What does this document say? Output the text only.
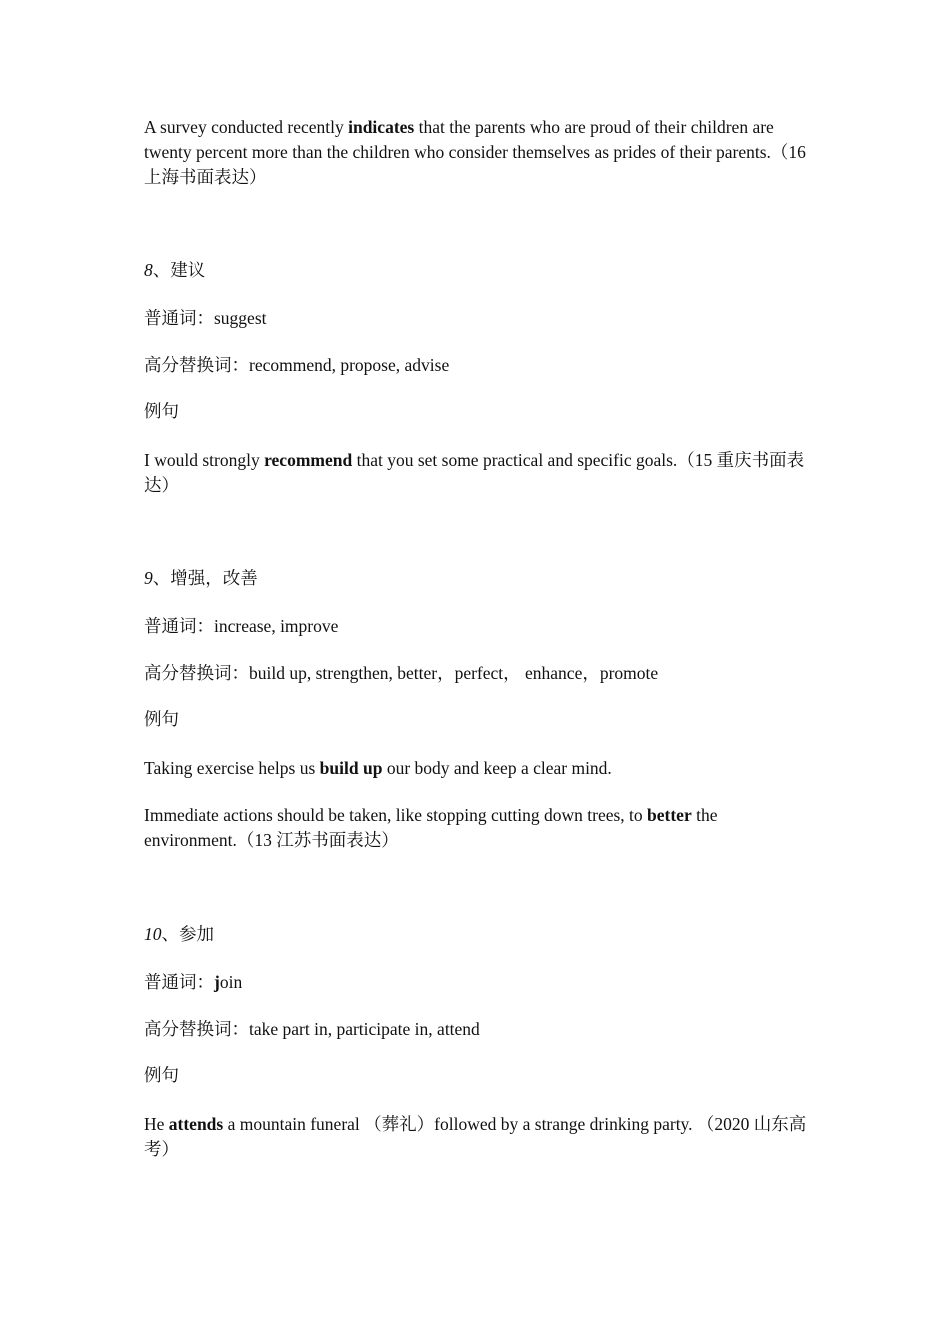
A survey conducted recently indicates that the parents who are proud of their children are twenty percent more than the children who consider themselves as prides of their parents.（16 上海书面表达）

8、建议

普通词：suggest

高分替换词：recommend, propose, advise

例句

I would strongly recommend that you set some practical and specific goals.（15 重庆书面表达）

9、增强，改善

普通词：increase, improve

高分替换词：build up, strengthen, better，perfect， enhance，promote

例句

Taking exercise helps us build up our body and keep a clear mind.

Immediate actions should be taken, like stopping cutting down trees, to better the environment.（13 江苏书面表达）

10、参加

普通词：join

高分替换词：take part in, participate in, attend

例句

He attends a mountain funeral （葬礼）followed by a strange drinking party. （2020 山东高考）
